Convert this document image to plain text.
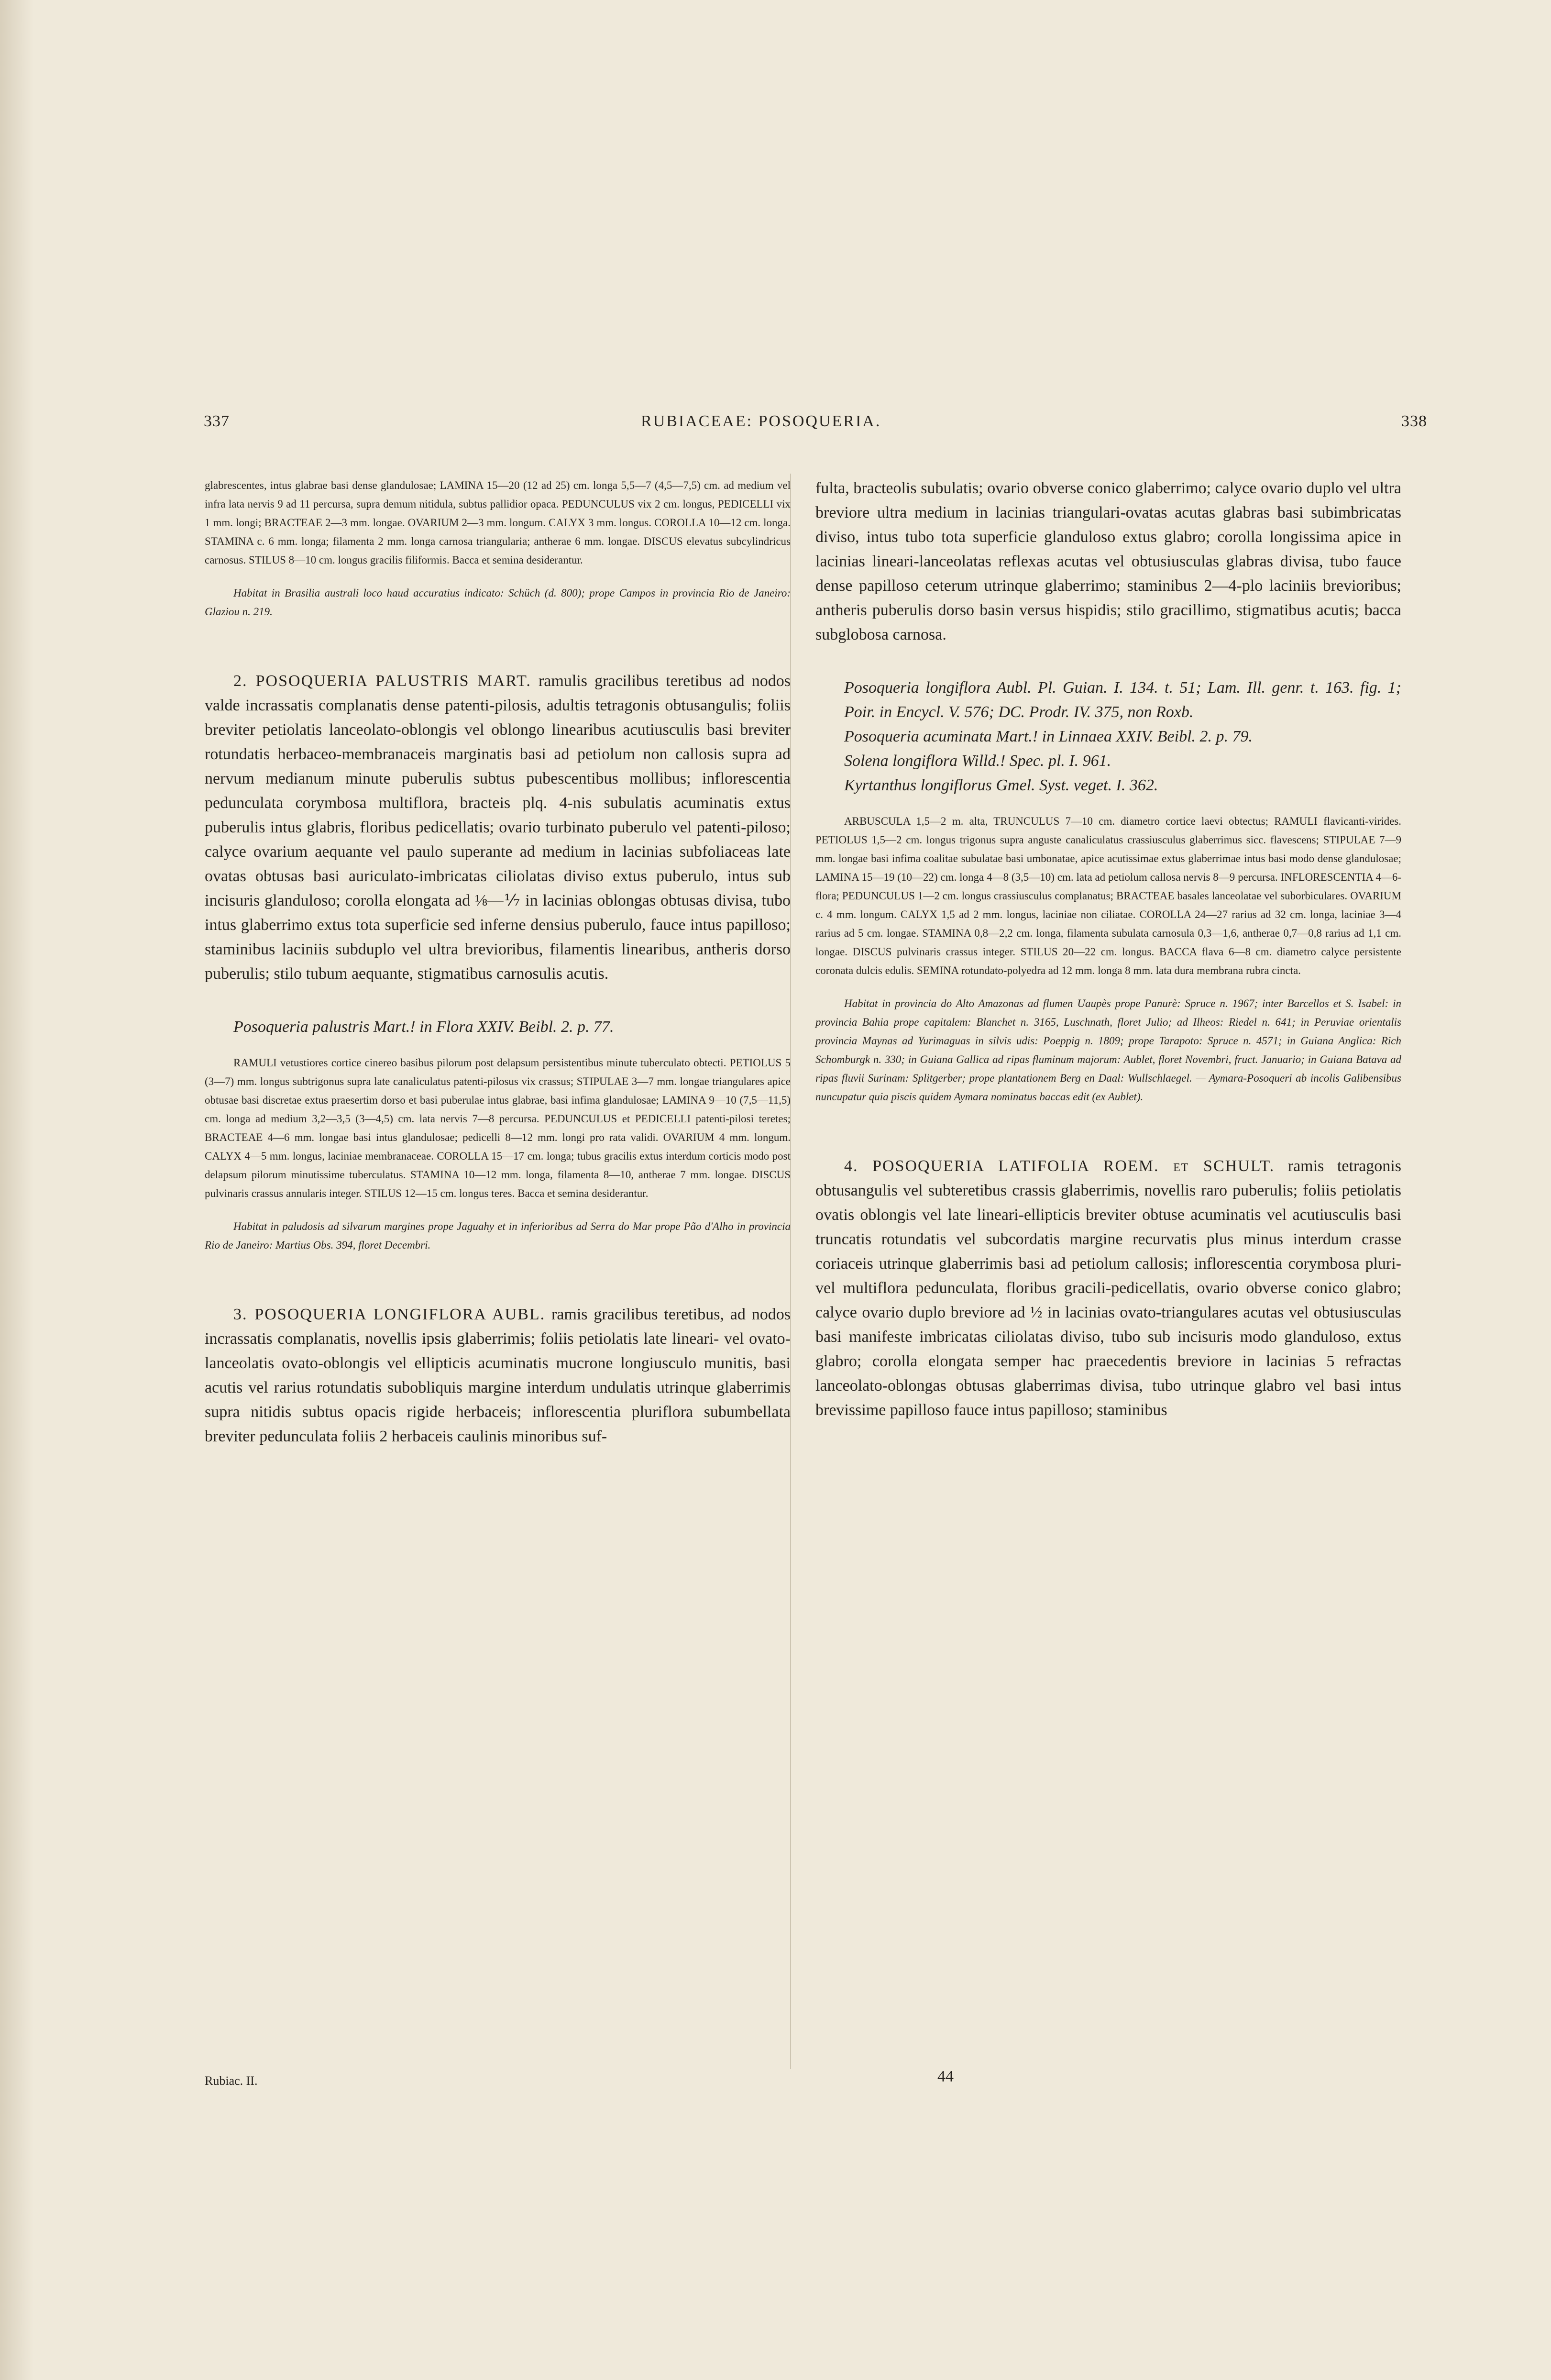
337	RUBIACEAE: POSOQUERIA.	338

glabrescentes, intus glabrae basi dense glandulosae; LAMINA 15—20 (12 ad 25) cm. longa 5,5—7 (4,5—7,5) cm. ad medium vel infra lata nervis 9 ad 11 percursa, supra demum nitidula, subtus pallidior opaca. PEDUNCULUS vix 2 cm. longus, PEDICELLI vix 1 mm. longi; BRACTEAE 2—3 mm. longae. OVARIUM 2—3 mm. longum. CALYX 3 mm. longus. COROLLA 10—12 cm. longa. STAMINA c. 6 mm. longa; filamenta 2 mm. longa carnosa triangularia; antherae 6 mm. longae. DISCUS elevatus subcylindricus carnosus. STILUS 8—10 cm. longus gracilis filiformis. Bacca et semina desiderantur.

Habitat in Brasilia australi loco haud accuratius indicato: Schüch (d. 800); prope Campos in provincia Rio de Janeiro: Glaziou n. 219.

2. POSOQUERIA PALUSTRIS MART. ramulis gracilibus teretibus ad nodos valde incrassatis complanatis dense patenti-pilosis, adultis tetragonis obtusangulis; foliis breviter petiolatis lanceolato-oblongis vel oblongo linearibus acutiusculis basi breviter rotundatis herbaceo-membranaceis marginatis basi ad petiolum non callosis supra ad nervum medianum minute puberulis subtus pubescentibus mollibus; inflorescentia pedunculata corymbosa multiflora, bracteis plq. 4-nis subulatis acuminatis extus puberulis intus glabris, floribus pedicellatis; ovario turbinato puberulo vel patenti-piloso; calyce ovarium aequante vel paulo superante ad medium in lacinias subfoliaceas late ovatas obtusas basi auriculato-imbricatas ciliolatas diviso extus puberulo, intus sub incisuris glanduloso; corolla elongata ad ⅛—⅐ in lacinias oblongas obtusas divisa, tubo intus glaberrimo extus tota superficie sed inferne densius puberulo, fauce intus papilloso; staminibus laciniis subduplo vel ultra brevioribus, filamentis linearibus, antheris dorso puberulis; stilo tubum aequante, stigmatibus carnosulis acutis.

Posoqueria palustris Mart.! in Flora XXIV. Beibl. 2. p. 77.

RAMULI vetustiores cortice cinereo basibus pilorum post delapsum persistentibus minute tuberculato obtecti. PETIOLUS 5 (3—7) mm. longus subtrigonus supra late canaliculatus patenti-pilosus vix crassus; STIPULAE 3—7 mm. longae triangulares apice obtusae basi discretae extus praesertim dorso et basi puberulae intus glabrae, basi infima glandulosae; LAMINA 9—10 (7,5—11,5) cm. longa ad medium 3,2—3,5 (3—4,5) cm. lata nervis 7—8 percursa. PEDUNCULUS et PEDICELLI patenti-pilosi teretes; BRACTEAE 4—6 mm. longae basi intus glandulosae; pedicelli 8—12 mm. longi pro rata validi. OVARIUM 4 mm. longum. CALYX 4—5 mm. longus, laciniae membranaceae. COROLLA 15—17 cm. longa; tubus gracilis extus interdum corticis modo post delapsum pilorum minutissime tuberculatus. STAMINA 10—12 mm. longa, filamenta 8—10, antherae 7 mm. longae. DISCUS pulvinaris crassus annularis integer. STILUS 12—15 cm. longus teres. Bacca et semina desiderantur.

Habitat in paludosis ad silvarum margines prope Jaguahy et in inferioribus ad Serra do Mar prope Pão d'Alho in provincia Rio de Janeiro: Martius Obs. 394, floret Decembri.

3. POSOQUERIA LONGIFLORA AUBL. ramis gracilibus teretibus, ad nodos incrassatis complanatis, novellis ipsis glaberrimis; foliis petiolatis late lineari- vel ovato-lanceolatis ovato-oblongis vel ellipticis acuminatis mucrone longiusculo munitis, basi acutis vel rarius rotundatis subobliquis margine interdum undulatis utrinque glaberrimis supra nitidis subtus opacis rigide herbaceis; inflorescentia pluriflora subumbellata breviter pedunculata foliis 2 herbaceis caulinis minoribus suf-

fulta, bracteolis subulatis; ovario obverse conico glaberrimo; calyce ovario duplo vel ultra breviore ultra medium in lacinias triangulari-ovatas acutas glabras basi subimbricatas diviso, intus tubo tota superficie glanduloso extus glabro; corolla longissima apice in lacinias lineari-lanceolatas reflexas acutas vel obtusiusculas glabras divisa, tubo fauce dense papilloso ceterum utrinque glaberrimo; staminibus 2—4-plo laciniis brevioribus; antheris puberulis dorso basin versus hispidis; stilo gracillimo, stigmatibus acutis; bacca subglobosa carnosa.

Posoqueria longiflora Aubl. Pl. Guian. I. 134. t. 51; Lam. Ill. genr. t. 163. fig. 1; Poir. in Encycl. V. 576; DC. Prodr. IV. 375, non Roxb.

Posoqueria acuminata Mart.! in Linnaea XXIV. Beibl. 2. p. 79.

Solena longiflora Willd.! Spec. pl. I. 961.

Kyrtanthus longiflorus Gmel. Syst. veget. I. 362.

ARBUSCULA 1,5—2 m. alta, TRUNCULUS 7—10 cm. diametro cortice laevi obtectus; RAMULI flavicanti-virides. PETIOLUS 1,5—2 cm. longus trigonus supra anguste canaliculatus crassiusculus glaberrimus sicc. flavescens; STIPULAE 7—9 mm. longae basi infima coalitae subulatae basi umbonatae, apice acutissimae extus glaberrimae intus basi modo dense glandulosae; LAMINA 15—19 (10—22) cm. longa 4—8 (3,5—10) cm. lata ad petiolum callosa nervis 8—9 percursa. INFLORESCENTIA 4—6-flora; PEDUNCULUS 1—2 cm. longus crassiusculus complanatus; BRACTEAE basales lanceolatae vel suborbiculares. OVARIUM c. 4 mm. longum. CALYX 1,5 ad 2 mm. longus, laciniae non ciliatae. COROLLA 24—27 rarius ad 32 cm. longa, laciniae 3—4 rarius ad 5 cm. longae. STAMINA 0,8—2,2 cm. longa, filamenta subulata carnosula 0,3—1,6, antherae 0,7—0,8 rarius ad 1,1 cm. longae. DISCUS pulvinaris crassus integer. STILUS 20—22 cm. longus. BACCA flava 6—8 cm. diametro calyce persistente coronata dulcis edulis. SEMINA rotundato-polyedra ad 12 mm. longa 8 mm. lata dura membrana rubra cincta.

Habitat in provincia do Alto Amazonas ad flumen Uaupès prope Panurè: Spruce n. 1967; inter Barcellos et S. Isabel: in provincia Bahia prope capitalem: Blanchet n. 3165, Luschnath, floret Julio; ad Ilheos: Riedel n. 641; in Peruviae orientalis provincia Maynas ad Yurimaguas in silvis udis: Poeppig n. 1809; prope Tarapoto: Spruce n. 4571; in Guiana Anglica: Rich Schomburgk n. 330; in Guiana Gallica ad ripas fluminum majorum: Aublet, floret Novembri, fruct. Januario; in Guiana Batava ad ripas fluvii Surinam: Splitgerber; prope plantationem Berg en Daal: Wullschlaegel. — Aymara-Posoqueri ab incolis Galibensibus nuncupatur quia piscis quidem Aymara nominatus baccas edit (ex Aublet).

4. POSOQUERIA LATIFOLIA ROEM. et SCHULT. ramis tetragonis obtusangulis vel subteretibus crassis glaberrimis, novellis raro puberulis; foliis petiolatis ovatis oblongis vel late lineari-ellipticis breviter obtuse acuminatis vel acutiusculis basi truncatis rotundatis vel subcordatis margine recurvatis plus minus interdum crasse coriaceis utrinque glaberrimis basi ad petiolum callosis; inflorescentia corymbosa pluri- vel multiflora pedunculata, floribus gracili-pedicellatis, ovario obverse conico glabro; calyce ovario duplo breviore ad ½ in lacinias ovato-triangulares acutas vel obtusiusculas basi manifeste imbricatas ciliolatas diviso, tubo sub incisuris modo glanduloso, extus glabro; corolla elongata semper hac praecedentis breviore in lacinias 5 refractas lanceolato-oblongas obtusas glaberrimas divisa, tubo utrinque glabro vel basi intus brevissime papilloso fauce intus papilloso; staminibus

Rubiac. II.	44
